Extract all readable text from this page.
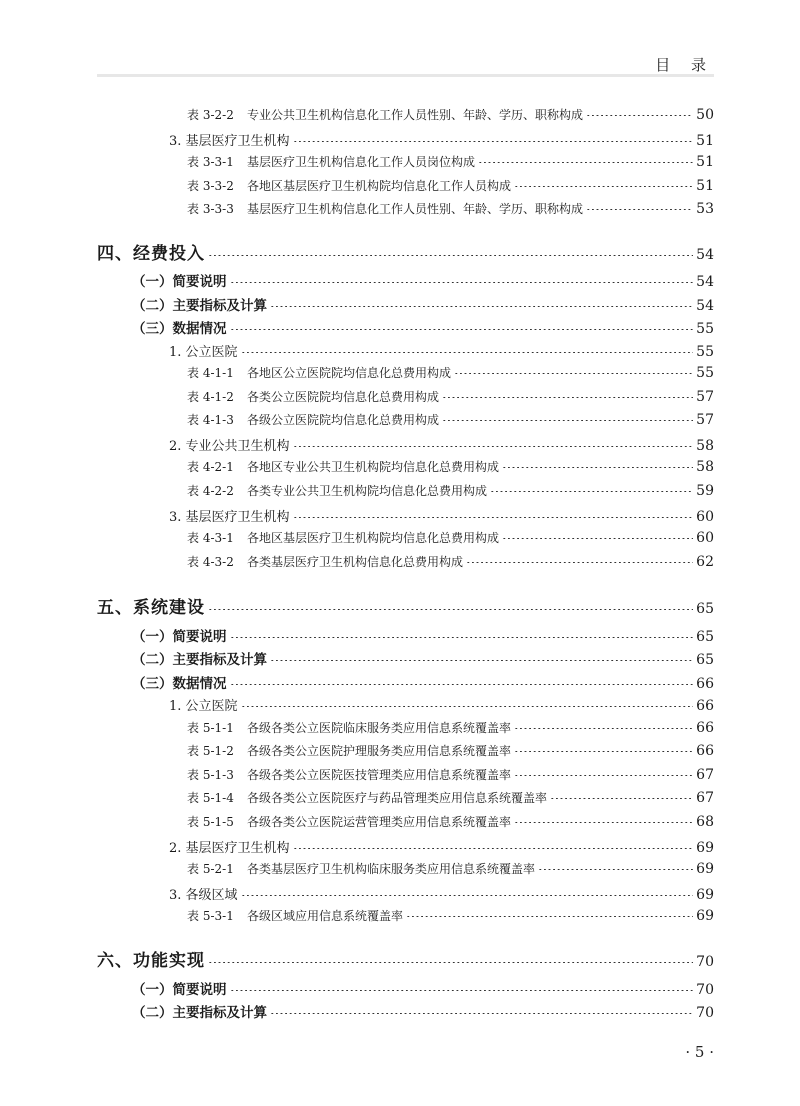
目 录
表 3-2-2 专业公共卫生机构信息化工作人员性别、年龄、学历、职称构成	50
3. 基层医疗卫生机构	51
表 3-3-1 基层医疗卫生机构信息化工作人员岗位构成	51
表 3-3-2 各地区基层医疗卫生机构院均信息化工作人员构成	51
表 3-3-3 基层医疗卫生机构信息化工作人员性别、年龄、学历、职称构成	53
四、经费投入	54
（一）简要说明	54
（二）主要指标及计算	54
（三）数据情况	55
1. 公立医院	55
表 4-1-1 各地区公立医院院均信息化总费用构成	55
表 4-1-2 各类公立医院院均信息化总费用构成	57
表 4-1-3 各级公立医院院均信息化总费用构成	57
2. 专业公共卫生机构	58
表 4-2-1 各地区专业公共卫生机构院均信息化总费用构成	58
表 4-2-2 各类专业公共卫生机构院均信息化总费用构成	59
3. 基层医疗卫生机构	60
表 4-3-1 各地区基层医疗卫生机构院均信息化总费用构成	60
表 4-3-2 各类基层医疗卫生机构信息化总费用构成	62
五、系统建设	65
（一）简要说明	65
（二）主要指标及计算	65
（三）数据情况	66
1. 公立医院	66
表 5-1-1 各级各类公立医院临床服务类应用信息系统覆盖率	66
表 5-1-2 各级各类公立医院护理服务类应用信息系统覆盖率	66
表 5-1-3 各级各类公立医院医技管理类应用信息系统覆盖率	67
表 5-1-4 各级各类公立医院医疗与药品管理类应用信息系统覆盖率	67
表 5-1-5 各级各类公立医院运营管理类应用信息系统覆盖率	68
2. 基层医疗卫生机构	69
表 5-2-1 各类基层医疗卫生机构临床服务类应用信息系统覆盖率	69
3. 各级区域	69
表 5-3-1 各级区域应用信息系统覆盖率	69
六、功能实现	70
（一）简要说明	70
（二）主要指标及计算	70
· 5 ·
